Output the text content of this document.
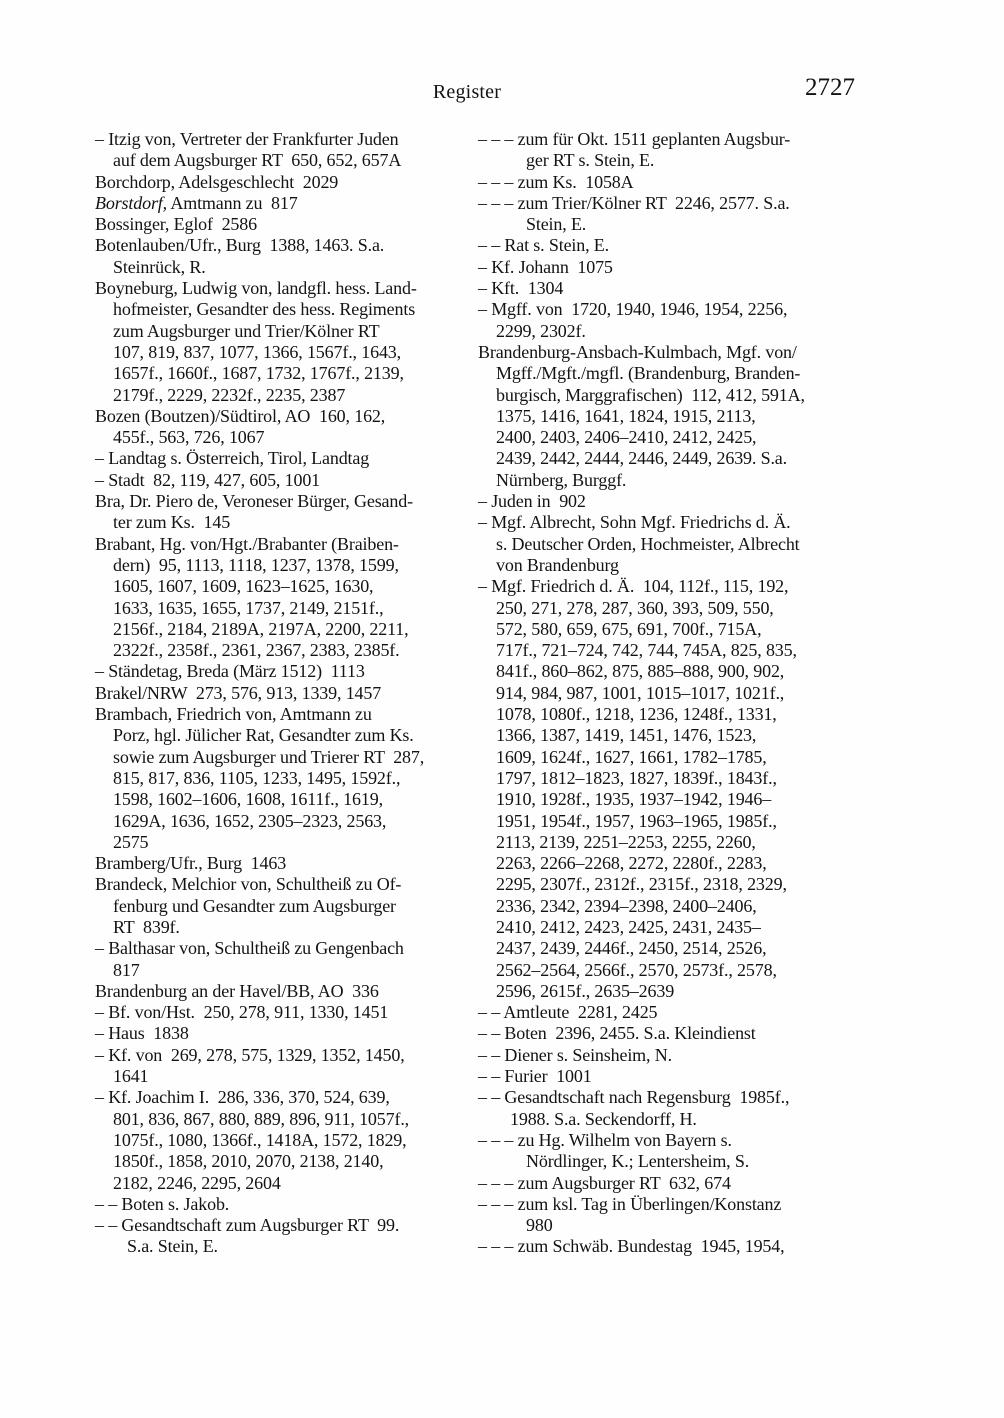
Register	2727
– Itzig von, Vertreter der Frankfurter Juden
auf dem Augsburger RT  650, 652, 657A
Borchdorp, Adelsgeschlecht  2029
Borstdorf, Amtmann zu  817
Bossinger, Eglof  2586
Botenlauben/Ufr., Burg  1388, 1463. S.a.
Steinrück, R.
Boyneburg, Ludwig von, landgfl. hess. Land-
hofmeister, Gesandter des hess. Regiments
zum Augsburger und Trier/Kölner RT
107, 819, 837, 1077, 1366, 1567f., 1643,
1657f., 1660f., 1687, 1732, 1767f., 2139,
2179f., 2229, 2232f., 2235, 2387
Bozen (Boutzen)/Südtirol, AO  160, 162,
455f., 563, 726, 1067
– Landtag s. Österreich, Tirol, Landtag
– Stadt  82, 119, 427, 605, 1001
Bra, Dr. Piero de, Veroneser Bürger, Gesand-
ter zum Ks.  145
Brabant, Hg. von/Hgt./Brabanter (Braiben-
dern)  95, 1113, 1118, 1237, 1378, 1599,
1605, 1607, 1609, 1623–1625, 1630,
1633, 1635, 1655, 1737, 2149, 2151f.,
2156f., 2184, 2189A, 2197A, 2200, 2211,
2322f., 2358f., 2361, 2367, 2383, 2385f.
– Ständetag, Breda (März 1512)  1113
Brakel/NRW  273, 576, 913, 1339, 1457
Brambach, Friedrich von, Amtmann zu
Porz, hgl. Jülicher Rat, Gesandter zum Ks.
sowie zum Augsburger und Trierer RT  287,
815, 817, 836, 1105, 1233, 1495, 1592f.,
1598, 1602–1606, 1608, 1611f., 1619,
1629A, 1636, 1652, 2305–2323, 2563,
2575
Bramberg/Ufr., Burg  1463
Brandeck, Melchior von, Schultheiß zu Of-
fenburg und Gesandter zum Augsburger
RT  839f.
– Balthasar von, Schultheiß zu Gengenbach
817
Brandenburg an der Havel/BB, AO  336
– Bf. von/Hst.  250, 278, 911, 1330, 1451
– Haus  1838
– Kf. von  269, 278, 575, 1329, 1352, 1450,
1641
– Kf. Joachim I.  286, 336, 370, 524, 639,
801, 836, 867, 880, 889, 896, 911, 1057f.,
1075f., 1080, 1366f., 1418A, 1572, 1829,
1850f., 1858, 2010, 2070, 2138, 2140,
2182, 2246, 2295, 2604
– – Boten s. Jakob.
– – Gesandtschaft zum Augsburger RT  99.
S.a. Stein, E.
– – – zum für Okt. 1511 geplanten Augsbur-
ger RT s. Stein, E.
– – – zum Ks.  1058A
– – – zum Trier/Kölner RT  2246, 2577. S.a.
Stein, E.
– – Rat s. Stein, E.
– Kf. Johann  1075
– Kft.  1304
– Mgff. von  1720, 1940, 1946, 1954, 2256,
2299, 2302f.
Brandenburg-Ansbach-Kulmbach, Mgf. von/
Mgff./Mgft./mgfl. (Brandenburg, Branden-
burgisch, Marggrafischen)  112, 412, 591A,
1375, 1416, 1641, 1824, 1915, 2113,
2400, 2403, 2406–2410, 2412, 2425,
2439, 2442, 2444, 2446, 2449, 2639. S.a.
Nürnberg, Burggf.
– Juden in  902
– Mgf. Albrecht, Sohn Mgf. Friedrichs d. Ä.
s. Deutscher Orden, Hochmeister, Albrecht
von Brandenburg
– Mgf. Friedrich d. Ä.  104, 112f., 115, 192,
250, 271, 278, 287, 360, 393, 509, 550,
572, 580, 659, 675, 691, 700f., 715A,
717f., 721–724, 742, 744, 745A, 825, 835,
841f., 860–862, 875, 885–888, 900, 902,
914, 984, 987, 1001, 1015–1017, 1021f.,
1078, 1080f., 1218, 1236, 1248f., 1331,
1366, 1387, 1419, 1451, 1476, 1523,
1609, 1624f., 1627, 1661, 1782–1785,
1797, 1812–1823, 1827, 1839f., 1843f.,
1910, 1928f., 1935, 1937–1942, 1946–
1951, 1954f., 1957, 1963–1965, 1985f.,
2113, 2139, 2251–2253, 2255, 2260,
2263, 2266–2268, 2272, 2280f., 2283,
2295, 2307f., 2312f., 2315f., 2318, 2329,
2336, 2342, 2394–2398, 2400–2406,
2410, 2412, 2423, 2425, 2431, 2435–
2437, 2439, 2446f., 2450, 2514, 2526,
2562–2564, 2566f., 2570, 2573f., 2578,
2596, 2615f., 2635–2639
– – Amtleute  2281, 2425
– – Boten  2396, 2455. S.a. Kleindienst
– – Diener s. Seinsheim, N.
– – Furier  1001
– – Gesandtschaft nach Regensburg  1985f.,
1988. S.a. Seckendorff, H.
– – – zu Hg. Wilhelm von Bayern s.
Nördlinger, K.; Lentersheim, S.
– – – zum Augsburger RT  632, 674
– – – zum ksl. Tag in Überlingen/Konstanz
980
– – – zum Schwäb. Bundestag  1945, 1954,
